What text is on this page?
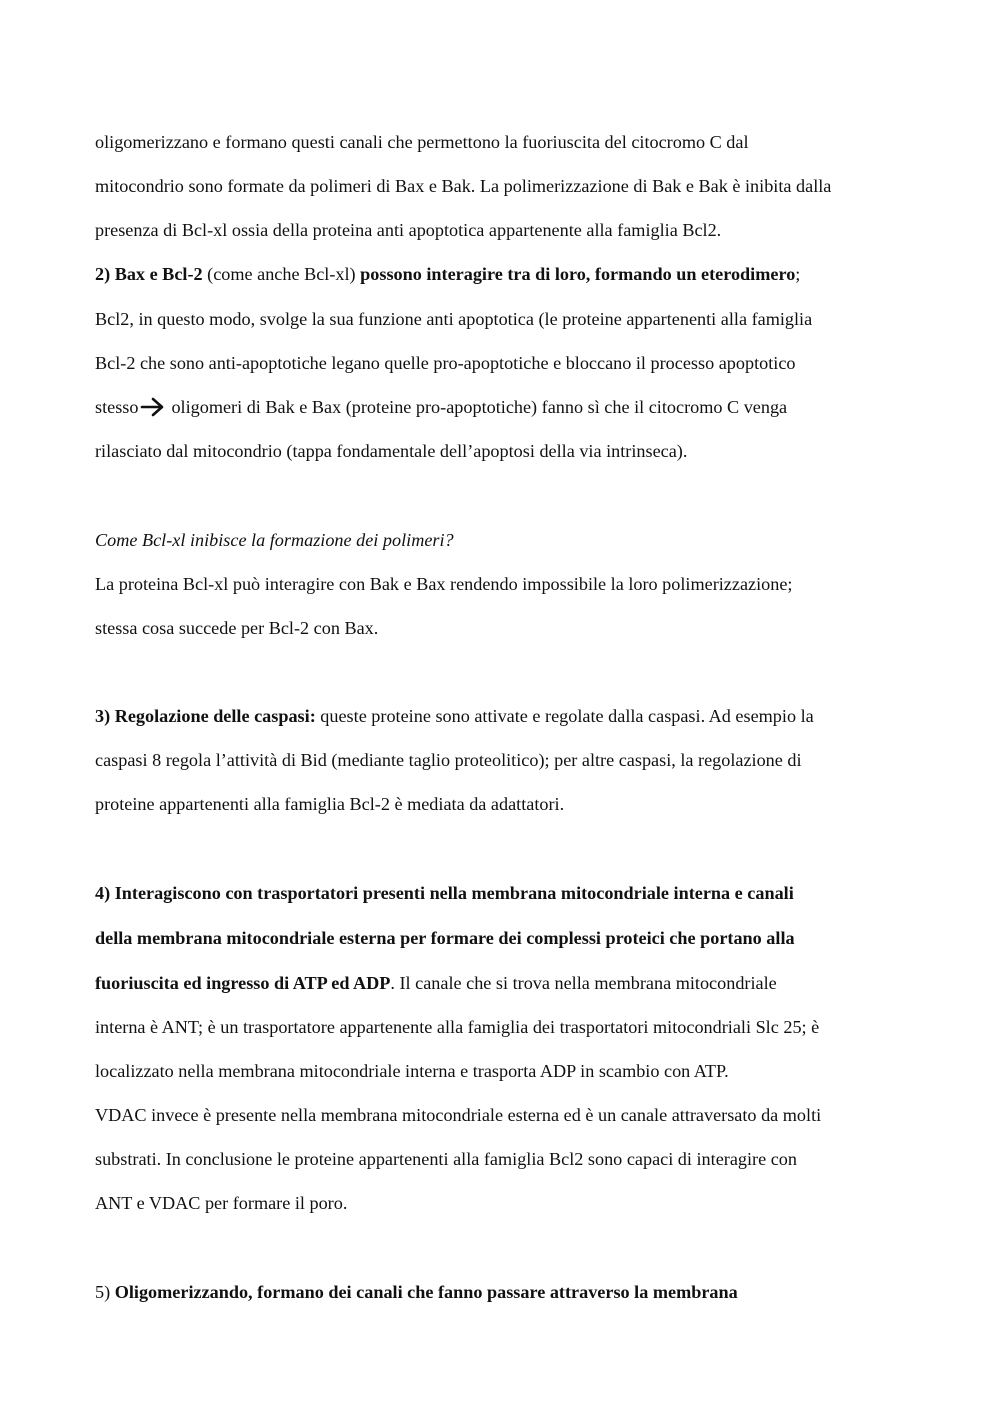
oligomerizzano e formano questi canali che permettono la fuoriuscita del citocromo C dal
mitocondrio sono formate da polimeri di Bax e Bak. La polimerizzazione di Bak e Bak è inibita dalla
presenza di Bcl-xl ossia della proteina anti apoptotica appartenente alla famiglia Bcl2.
2) Bax e Bcl-2 (come anche Bcl-xl) possono interagire tra di loro, formando un eterodimero;
Bcl2, in questo modo, svolge la sua funzione anti apoptotica (le proteine appartenenti alla famiglia
Bcl-2 che sono anti-apoptotiche legano quelle pro-apoptotiche e bloccano il processo apoptotico
stesso oligomeri di Bak e Bax (proteine pro-apoptotiche) fanno sì che il citocromo C venga
rilasciato dal mitocondrio (tappa fondamentale dell’apoptosi della via intrinseca).
Come Bcl-xl inibisce la formazione dei polimeri?
La proteina Bcl-xl può interagire con Bak e Bax rendendo impossibile la loro polimerizzazione;
stessa cosa succede per Bcl-2 con Bax.
3) Regolazione delle caspasi: queste proteine sono attivate e regolate dalla caspasi. Ad esempio la
caspasi 8 regola l’attività di Bid (mediante taglio proteolitico); per altre caspasi, la regolazione di
proteine appartenenti alla famiglia Bcl-2 è mediata da adattatori.
4) Interagiscono con trasportatori presenti nella membrana mitocondriale interna e canali
della membrana mitocondriale esterna per formare dei complessi proteici che portano alla
fuoriuscita ed ingresso di ATP ed ADP. Il canale che si trova nella membrana mitocondriale
interna è ANT; è un trasportatore appartenente alla famiglia dei trasportatori mitocondriali Slc 25; è
localizzato nella membrana mitocondriale interna e trasporta ADP in scambio con ATP.
VDAC invece è presente nella membrana mitocondriale esterna ed è un canale attraversato da molti
substrati. In conclusione le proteine appartenenti alla famiglia Bcl2 sono capaci di interagire con
ANT e VDAC per formare il poro.
5) Oligomerizzando, formano dei canali che fanno passare attraverso la membrana
